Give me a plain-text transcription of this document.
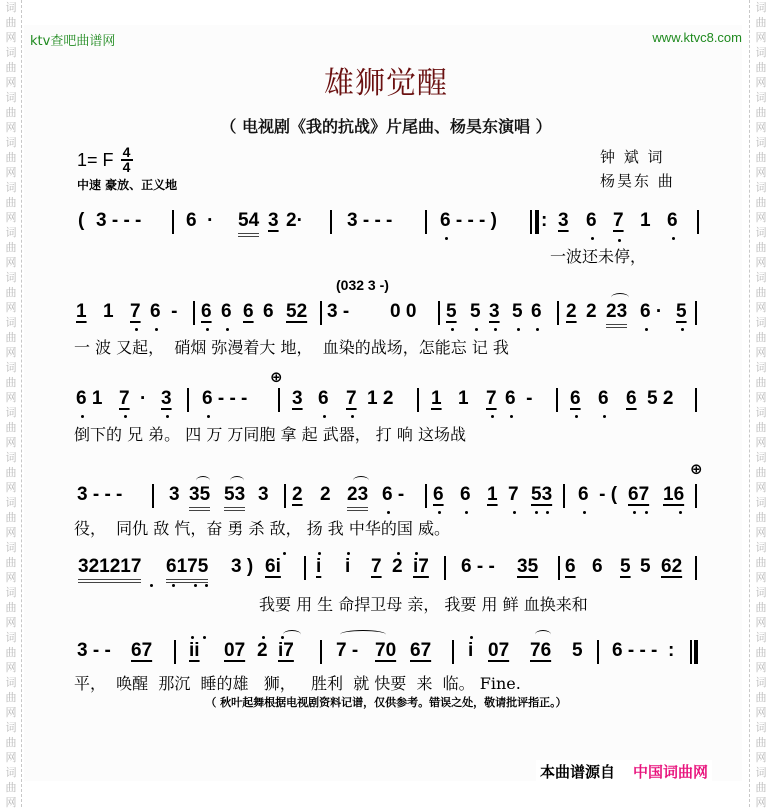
词
曲
网
词
曲
网
词
曲
网
词
曲
网
词
曲
网
词
曲
网
词
曲
网
词
曲
网
词
曲
网
词
曲
网
词
曲
网
词
曲
网
词
曲
网
词
曲
网
词
曲
网
词
曲
网
词
曲
网
词
曲
网
词
曲
网
词
曲
网
词
曲
网
词
曲
网
词
曲
网
词
曲
网
词
曲
网
词
曲
网
词
曲
网
词
曲
网
词
曲
网
词
曲
网
词
曲
网
词
曲
网
词
曲
网
词
曲
网
词
曲
网
词
曲
网
ktv查吧曲谱网	www.ktvc8.com
雄狮觉醒
（ 电视剧《我的抗战》片尾曲、杨昊东演唱 ）
1= F $\frac{4}{4}$
中速 豪放、正义地
钟 斌 词
杨昊东 曲
( 3 - - - 6  · 54 3 2· 3 - - -	6 - - - ) : 3 6 7 1 6
一波还未停，
(032 3 -)
1 1 7 6  - 6 6 6 6 52 3 - 0 0 5 5 3 5 6 2 2 23 6 · 5
一 波 又起，  硝烟 弥漫着大 地，  血染的战场，怎能忘 记 我
⊕
6 1 7 · 3 6 - - - 3 6 7 1 2 1 1 7 6  - 6 6 6 5 2
倒下的 兄 弟。 四 万 万同胞 拿 起 武器， 打 响 这场战
⊕
3 - - - 3 35 53 3 2 2 23 6 - 6 6 1 7 53 6  - ( 67 16
役，  同仇 敌 忾，奋 勇 杀 敌， 扬 我 中华的国 威。
321217 6175 3 ) 6i i i 7 2 i7 6 - - 35 6 6 5 5 62
我要 用 生 命捍卫母 亲， 我要 用 鲜 血换来和
3 - - 67 ii 07 2 i7 7 - 70 67 i 07 76 5 6 - - -  :
平，  唤醒  那沉  睡的雄   狮，   胜利  就 快要  来  临。 Fine.
（ 秋叶起舞根据电视剧资料记谱，仅供参考。错误之处，敬请批评指正。）
本曲谱源自 中国词曲网
